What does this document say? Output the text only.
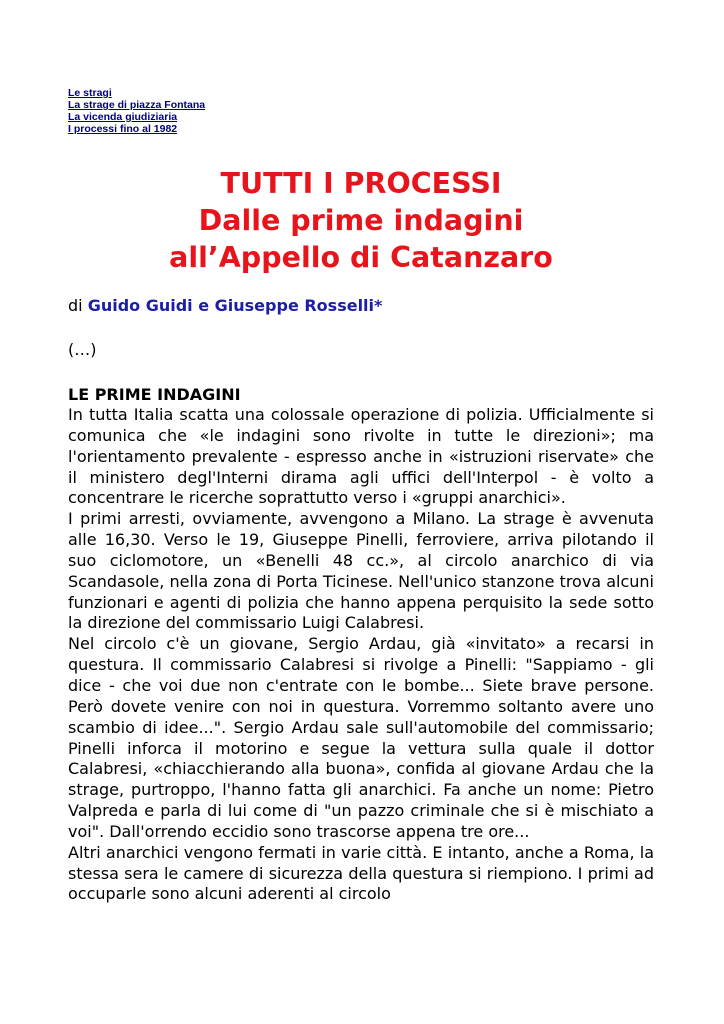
Le stragi
La strage di piazza Fontana
La vicenda giudiziaria
I processi fino al 1982
TUTTI I PROCESSI
Dalle prime indagini
all’Appello di Catanzaro
di Guido Guidi e Giuseppe Rosselli*
(…)
LE PRIME INDAGINI

In tutta Italia scatta una colossale operazione di polizia. Ufficialmente si comunica che «le indagini sono rivolte in tutte le direzioni»; ma l'orientamento prevalente - espresso anche in «istruzioni riservate» che il ministero degl'Interni dirama agli uffici dell'Interpol - è volto a concentrare le ricerche soprattutto verso i «gruppi anarchici».

I primi arresti, ovviamente, avvengono a Milano. La strage è avvenuta alle 16,30. Verso le 19, Giuseppe Pinelli, ferroviere, arriva pilotando il suo ciclomotore, un «Benelli 48 cc.», al circolo anarchico di via Scandasole, nella zona di Porta Ticinese. Nell'unico stanzone trova alcuni funzionari e agenti di polizia che hanno appena perquisito la sede sotto la direzione del commissario Luigi Calabresi.

Nel circolo c'è un giovane, Sergio Ardau, già «invitato» a recarsi in questura. Il commissario Calabresi si rivolge a Pinelli: "Sappiamo - gli dice - che voi due non c'entrate con le bombe... Siete brave persone. Però dovete venire con noi in questura. Vorremmo soltanto avere uno scambio di idee...". Sergio Ardau sale sull'automobile del commissario; Pinelli inforca il motorino e segue la vettura sulla quale il dottor Calabresi, «chiacchierando alla buona», confida al giovane Ardau che la strage, purtroppo, l'hanno fatta gli anarchici. Fa anche un nome: Pietro Valpreda e parla di lui come di "un pazzo criminale che si è mischiato a voi". Dall'orrendo eccidio sono trascorse appena tre ore...

Altri anarchici vengono fermati in varie città. E intanto, anche a Roma, la stessa sera le camere di sicurezza della questura si riempiono. I primi ad occuparle sono alcuni aderenti al circolo
